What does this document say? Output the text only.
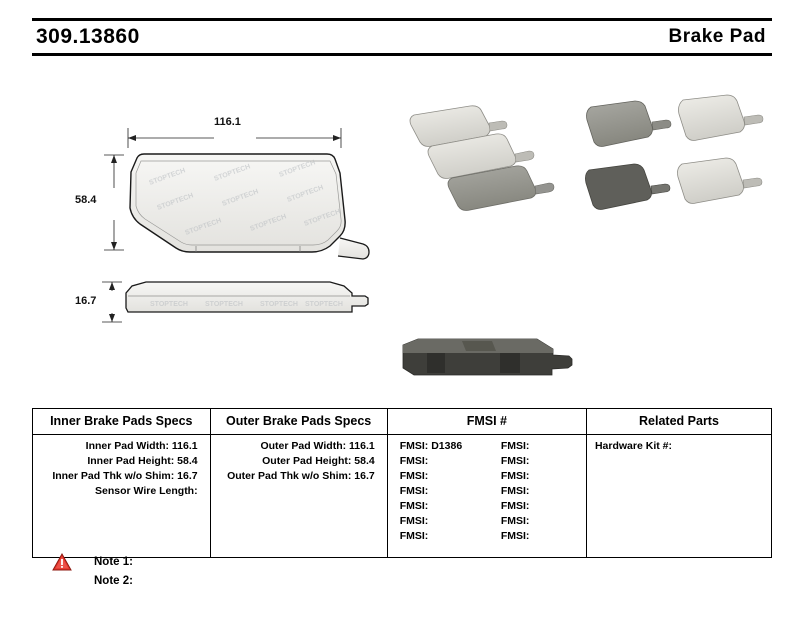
309.13860	Brake Pad
STOPTECH	STOPTECH	STOPTECH
STOPTECH	STOPTECH	STOPTECH
STOPTECH	STOPTECH STOPTECH
STOPTECH STOPTECH STOPTECH STOPTECH
116.1
58.4
16.7
Inner Brake Pads Specs	Outer Brake Pads Specs	FMSI #	Related Parts

Inner Pad Width: 116.1
Inner Pad Height: 58.4
Inner Pad Thk w/o Shim: 16.7
Sensor Wire Length:

Outer Pad Width: 116.1
Outer Pad Height: 58.4
Outer Pad Thk w/o Shim: 16.7

FMSI: D1386	FMSI:
FMSI:	FMSI:
FMSI:	FMSI:
FMSI:	FMSI:
FMSI:	FMSI:
FMSI:	FMSI:
FMSI:	FMSI:

Hardware Kit #:
Note 1:
Note 2:
